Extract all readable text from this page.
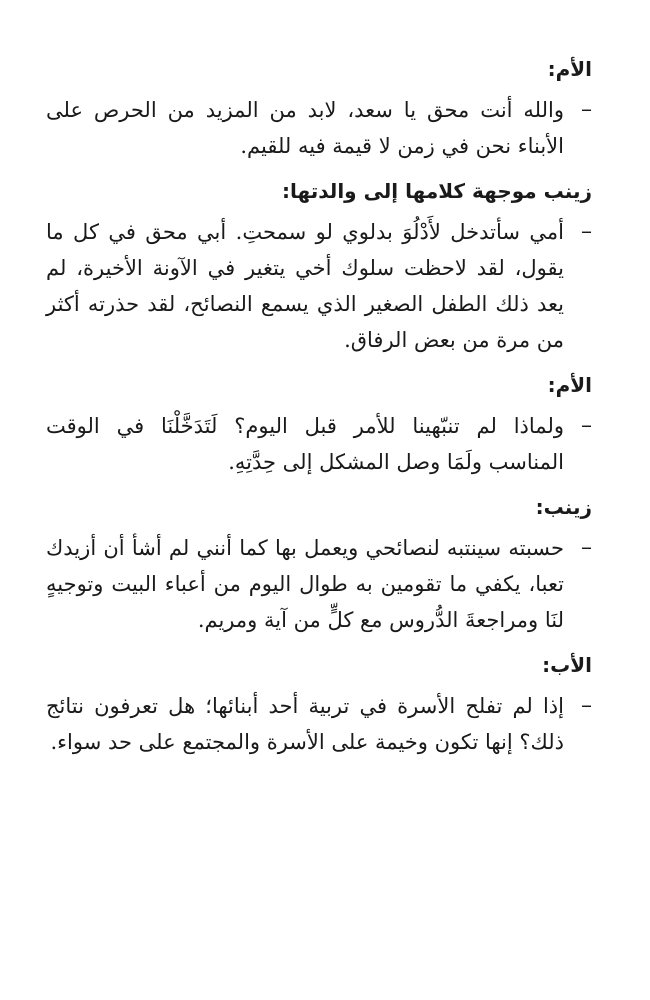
الأم:

–

والله أنت محق يا سعد، لابد من المزيد من الحرص على الأبناء نحن في زمن لا قيمة فيه للقيم.

زينب موجهة كلامها إلى والدتها:

–

أمي سأتدخل لأَدْلُوَ بدلوي لو سمحتِ. أبي محق في كل ما يقول، لقد لاحظت سلوك أخي يتغير في الآونة الأخيرة، لم يعد ذلك الطفل الصغير الذي يسمع النصائح، لقد حذرته أكثر من مرة من بعض الرفاق.

الأم:

–

ولماذا لم تنبّهينا للأمر قبل اليوم؟ لَتَدَخَّلْنَا في الوقت المناسب ولَمَا وصل المشكل إلى حِدَّتِهِ.

زينب:

–

حسبته سينتبه لنصائحي ويعمل بها كما أنني لم أشأ أن أزيدك تعبا، يكفي ما تقومين به طوال اليوم من أعباء البيت وتوجيهٍ لنَا ومراجعةَ الدُّروس مع كلٍّ من آية ومريم.

الأب:

–

إذا لم تفلح الأسرة في تربية أحد أبنائها؛ هل تعرفون نتائج ذلك؟ إنها تكون وخيمة على الأسرة والمجتمع على حد سواء.
